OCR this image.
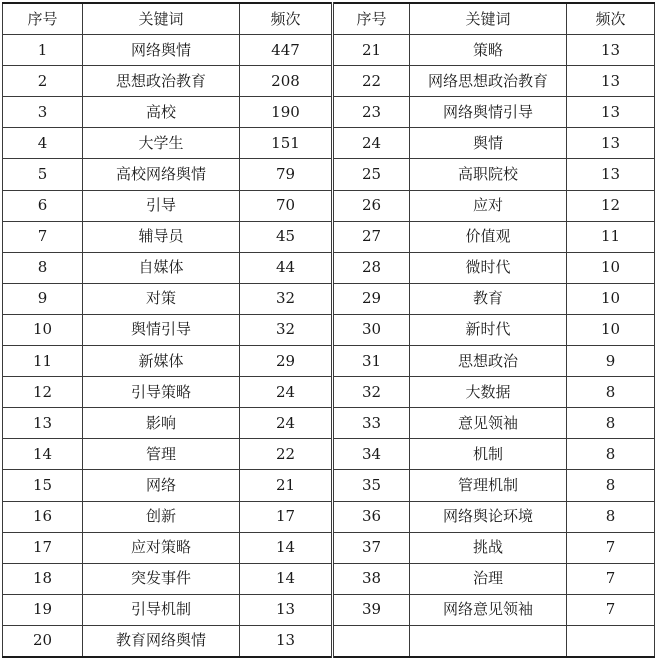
序号	关键词	频次	序号	关键词	频次
1	网络舆情	447	21	策略	13
2	思想政治教育	208	22	网络思想政治教育	13
3	高校	190	23	网络舆情引导	13
4	大学生	151	24	舆情	13
5	高校网络舆情	79	25	高职院校	13
6	引导	70	26	应对	12
7	辅导员	45	27	价值观	11
8	自媒体	44	28	微时代	10
9	对策	32	29	教育	10
10	舆情引导	32	30	新时代	10
11	新媒体	29	31	思想政治	9
12	引导策略	24	32	大数据	8
13	影响	24	33	意见领袖	8
14	管理	22	34	机制	8
15	网络	21	35	管理机制	8
16	创新	17	36	网络舆论环境	8
17	应对策略	14	37	挑战	7
18	突发事件	14	38	治理	7
19	引导机制	13	39	网络意见领袖	7
20	教育网络舆情	13			
